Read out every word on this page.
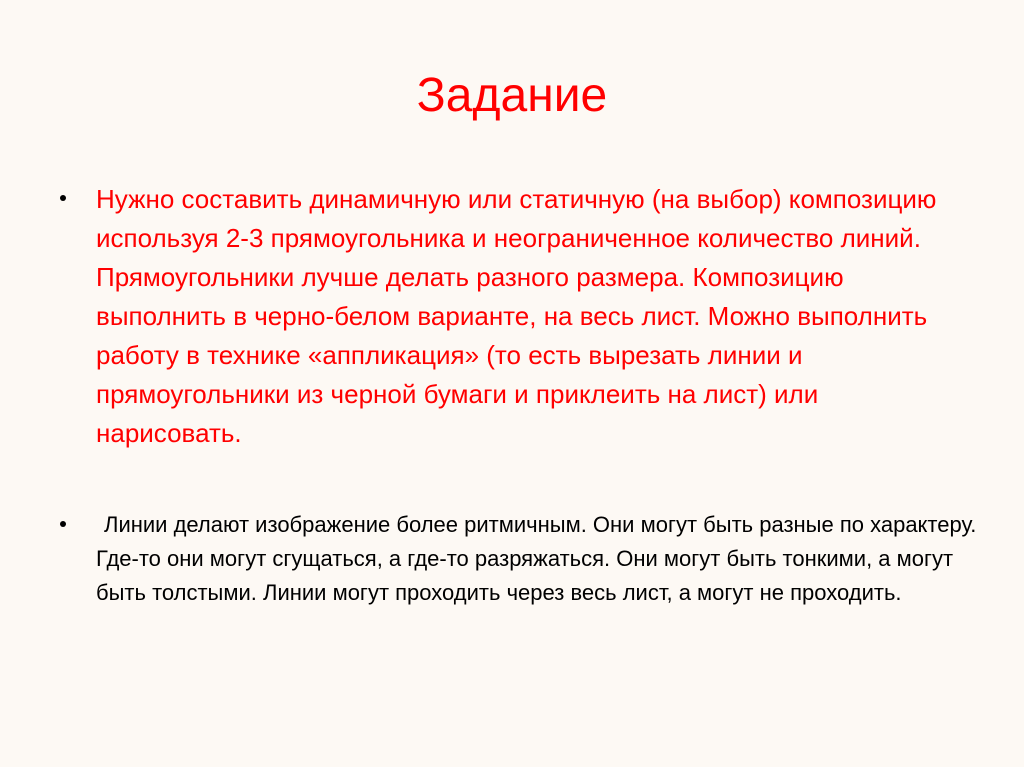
Задание

Нужно составить динамичную или статичную (на выбор) композицию используя 2-3 прямоугольника и неограниченное количество линий. Прямоугольники лучше делать разного размера. Композицию выполнить в черно-белом варианте, на весь лист. Можно выполнить работу в технике «аппликация» (то есть вырезать линии и прямоугольники из черной бумаги и приклеить на лист) или нарисовать.

Линии делают изображение более ритмичным. Они могут быть разные по характеру. Где-то они могут сгущаться, а где-то разряжаться. Они могут быть тонкими, а могут быть толстыми. Линии могут проходить через весь лист, а могут не проходить.
